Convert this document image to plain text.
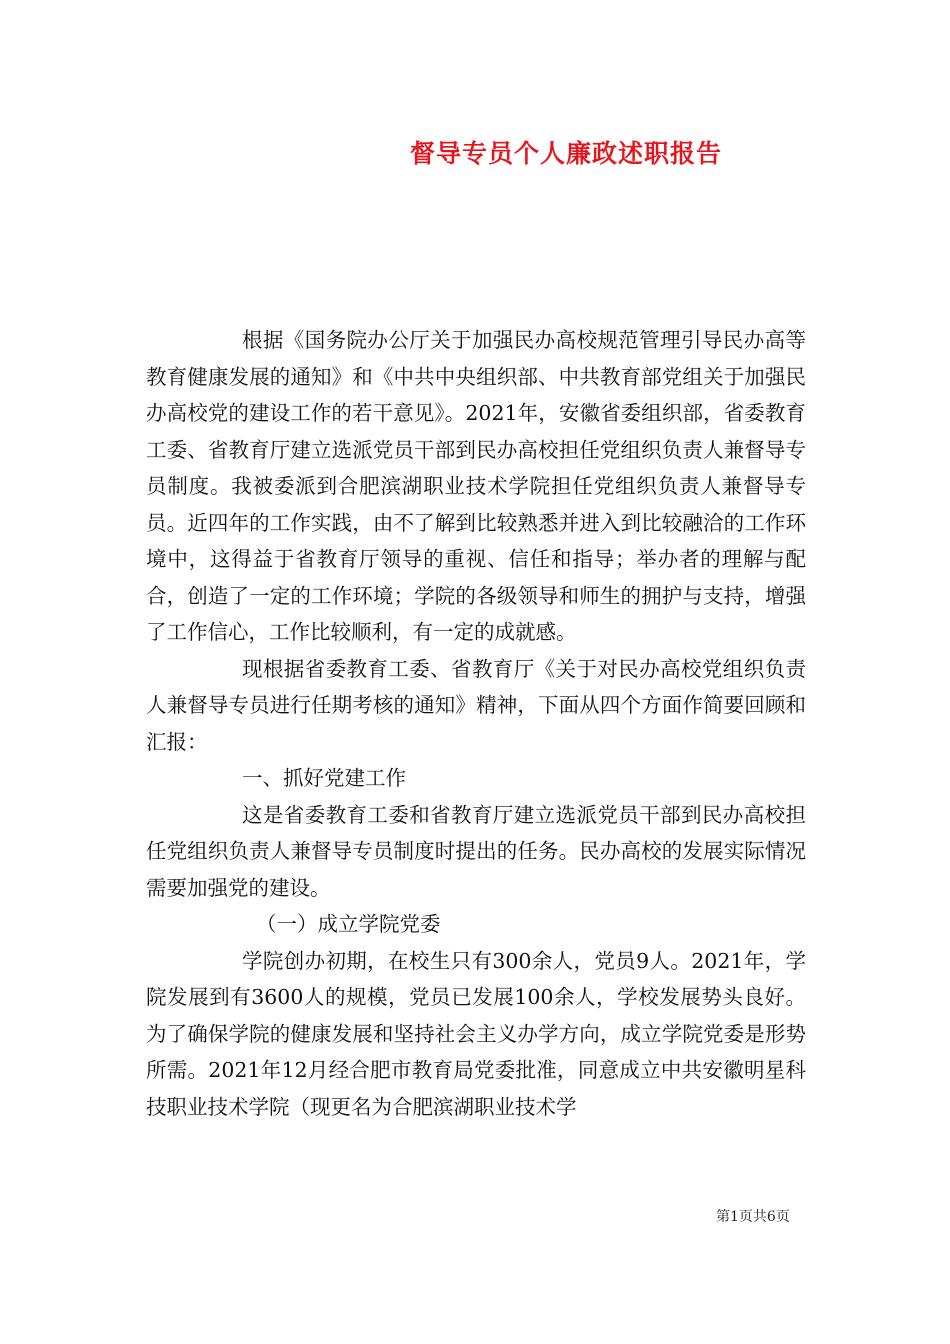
督导专员个人廉政述职报告

根据《国务院办公厅关于加强民办高校规范管理引导民办高等教育健康发展的通知》和《中共中央组织部、中共教育部党组关于加强民办高校党的建设工作的若干意见》。2021年，安徽省委组织部，省委教育工委、省教育厅建立选派党员干部到民办高校担任党组织负责人兼督导专员制度。我被委派到合肥滨湖职业技术学院担任党组织负责人兼督导专员。近四年的工作实践，由不了解到比较熟悉并进入到比较融洽的工作环境中，这得益于省教育厅领导的重视、信任和指导；举办者的理解与配合，创造了一定的工作环境；学院的各级领导和师生的拥护与支持，增强了工作信心，工作比较顺利，有一定的成就感。

现根据省委教育工委、省教育厅《关于对民办高校党组织负责人兼督导专员进行任期考核的通知》精神，下面从四个方面作简要回顾和汇报：

一、抓好党建工作

这是省委教育工委和省教育厅建立选派党员干部到民办高校担任党组织负责人兼督导专员制度时提出的任务。民办高校的发展实际情况需要加强党的建设。

（一）成立学院党委

学院创办初期，在校生只有300余人，党员9人。2021年，学院发展到有3600人的规模，党员已发展100余人，学校发展势头良好。为了确保学院的健康发展和坚持社会主义办学方向，成立学院党委是形势所需。2021年12月经合肥市教育局党委批准，同意成立中共安徽明星科技职业技术学院（现更名为合肥滨湖职业技术学

第1页共6页
